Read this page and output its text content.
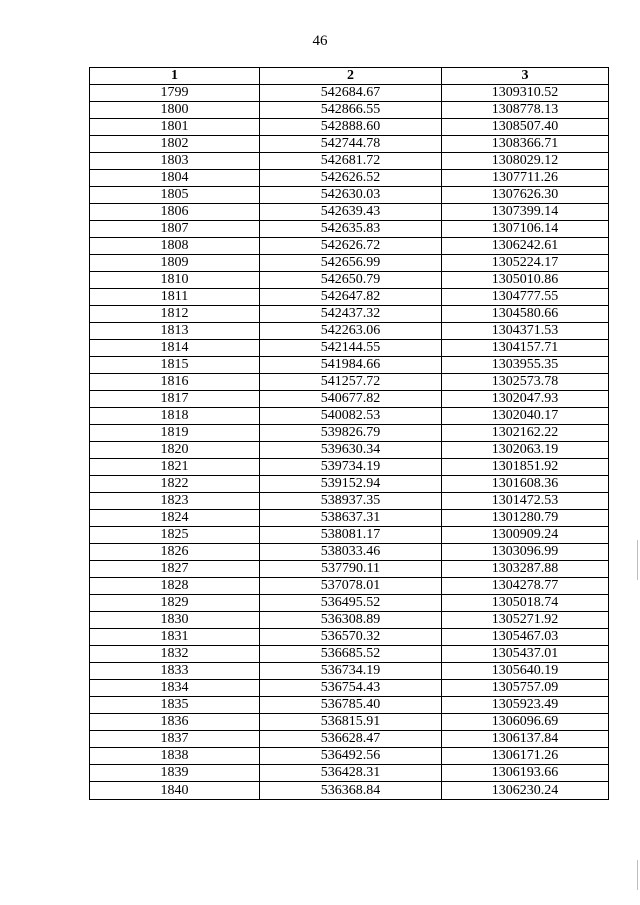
46
1	2	3
1799	542684.67	1309310.52
1800	542866.55	1308778.13
1801	542888.60	1308507.40
1802	542744.78	1308366.71
1803	542681.72	1308029.12
1804	542626.52	1307711.26
1805	542630.03	1307626.30
1806	542639.43	1307399.14
1807	542635.83	1307106.14
1808	542626.72	1306242.61
1809	542656.99	1305224.17
1810	542650.79	1305010.86
1811	542647.82	1304777.55
1812	542437.32	1304580.66
1813	542263.06	1304371.53
1814	542144.55	1304157.71
1815	541984.66	1303955.35
1816	541257.72	1302573.78
1817	540677.82	1302047.93
1818	540082.53	1302040.17
1819	539826.79	1302162.22
1820	539630.34	1302063.19
1821	539734.19	1301851.92
1822	539152.94	1301608.36
1823	538937.35	1301472.53
1824	538637.31	1301280.79
1825	538081.17	1300909.24
1826	538033.46	1303096.99
1827	537790.11	1303287.88
1828	537078.01	1304278.77
1829	536495.52	1305018.74
1830	536308.89	1305271.92
1831	536570.32	1305467.03
1832	536685.52	1305437.01
1833	536734.19	1305640.19
1834	536754.43	1305757.09
1835	536785.40	1305923.49
1836	536815.91	1306096.69
1837	536628.47	1306137.84
1838	536492.56	1306171.26
1839	536428.31	1306193.66
1840	536368.84	1306230.24
